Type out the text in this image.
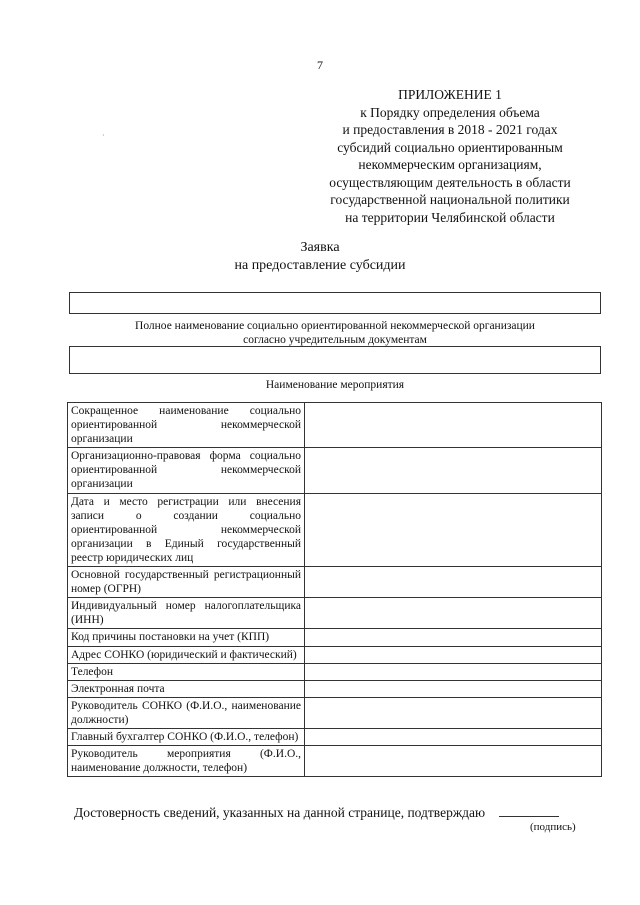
7
ПРИЛОЖЕНИЕ 1
к Порядку определения объема
и предоставления в 2018 - 2021 годах
субсидий социально ориентированным
некоммерческим организациям,
осуществляющим деятельность в области
государственной национальной политики
на территории Челябинской области
·
Заявка
на предоставление субсидии
Полное наименование социально ориентированной некоммерческой организации
согласно учредительным документам
Наименование мероприятия
Сокращенное наименование социально ориентированной некоммерческой организации	
Организационно-правовая форма социально ориентированной некоммерческой организации	
Дата и место регистрации или внесения записи о создании социально ориентированной некоммерческой организации в Единый государственный реестр юридических лиц	
Основной государственный регистрационный номер (ОГРН)	
Индивидуальный номер налогоплательщика (ИНН)	
Код причины постановки на учет (КПП)	
Адрес СОНКО (юридический и фактический)	
Телефон	
Электронная почта	
Руководитель СОНКО (Ф.И.О., наименование должности)	
Главный бухгалтер СОНКО (Ф.И.О., телефон)	
Руководитель мероприятия (Ф.И.О., наименование должности, телефон)	
Достоверность сведений, указанных на данной странице, подтверждаю
(подпись)
